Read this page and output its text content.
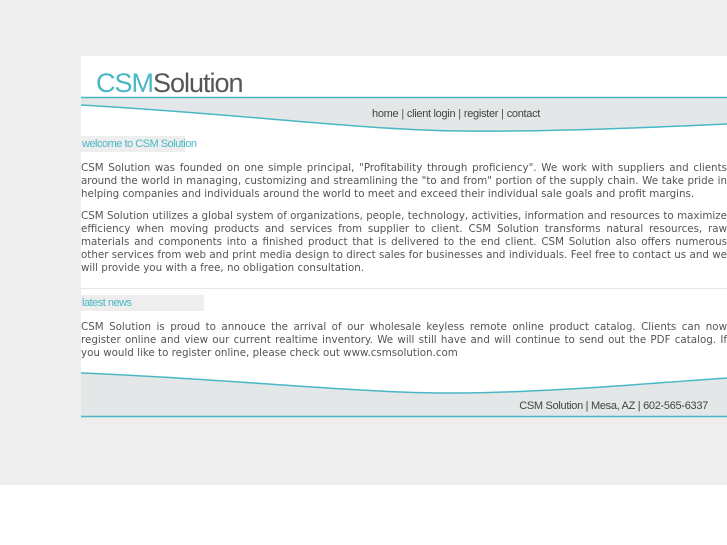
CSMSolution
home | client login | register | contact
welcome to CSM Solution

CSM Solution was founded on one simple principal, "Profitability through proficiency". We work with suppliers and clients around the world in managing, customizing and streamlining the "to and from" portion of the supply chain. We take pride in helping companies and individuals around the world to meet and exceed their individual sale goals and profit margins.

CSM Solution utilizes a global system of organizations, people, technology, activities, information and resources to maximize efficiency when moving products and services from supplier to client. CSM Solution transforms natural resources, raw materials and components into a finished product that is delivered to the end client. CSM Solution also offers numerous other services from web and print media design to direct sales for businesses and individuals. Feel free to contact us and we will provide you with a free, no obligation consultation.

latest news

CSM Solution is proud to annouce the arrival of our wholesale keyless remote online product catalog. Clients can now register online and view our current realtime inventory. We will still have and will continue to send out the PDF catalog. If you would like to register online, please check out www.csmsolution.com

CSM Solution | Mesa, AZ | 602-565-6337
